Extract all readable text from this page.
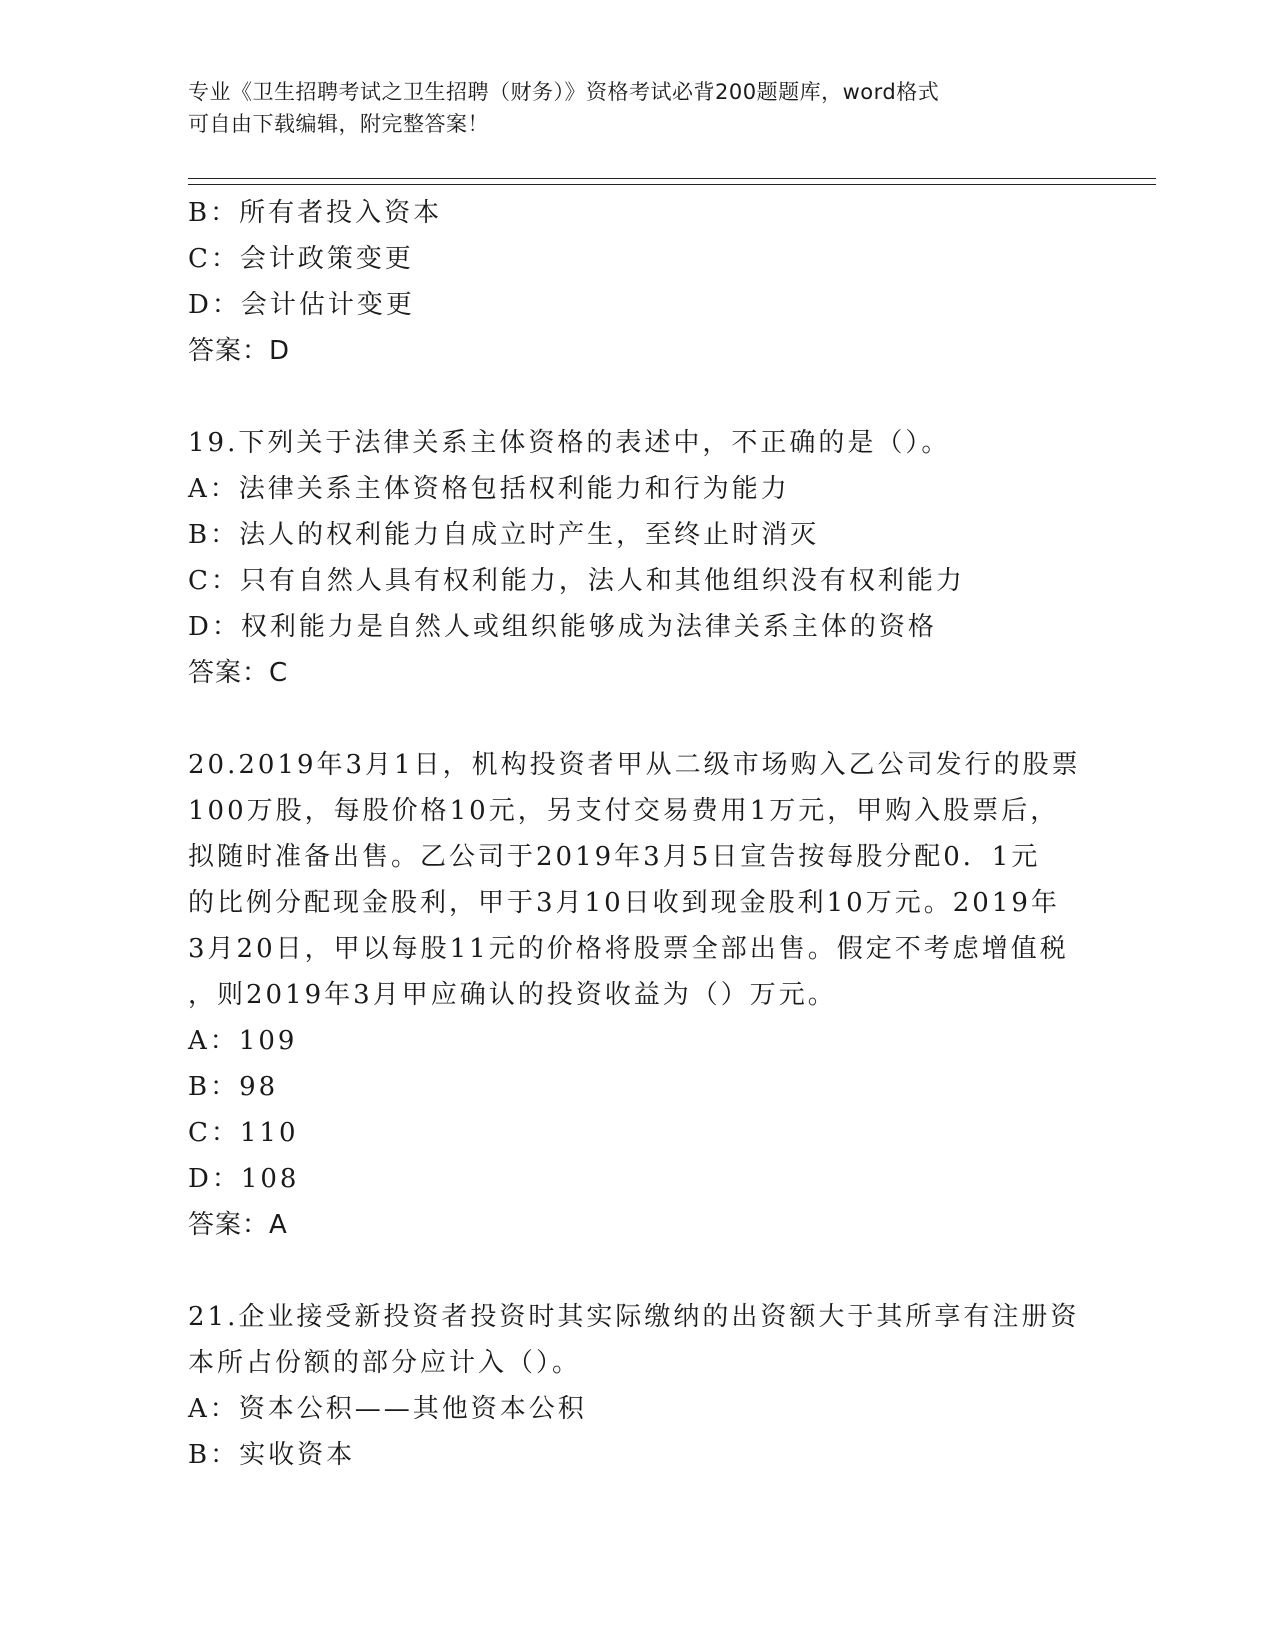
专业《卫生招聘考试之卫生招聘（财务）》资格考试必背200题题库，word格式
可自由下载编辑，附完整答案！
B：所有者投入资本
C：会计政策变更
D：会计估计变更
答案：D
19.下列关于法律关系主体资格的表述中，不正确的是（）。
A：法律关系主体资格包括权利能力和行为能力
B：法人的权利能力自成立时产生，至终止时消灭
C：只有自然人具有权利能力，法人和其他组织没有权利能力
D：权利能力是自然人或组织能够成为法律关系主体的资格
答案：C
20.2019年3月1日，机构投资者甲从二级市场购入乙公司发行的股票
100万股，每股价格10元，另支付交易费用1万元，甲购入股票后，
拟随时准备出售。乙公司于2019年3月5日宣告按每股分配0．1元
的比例分配现金股利，甲于3月10日收到现金股利10万元。2019年
3月20日，甲以每股11元的价格将股票全部出售。假定不考虑增值税
，则2019年3月甲应确认的投资收益为（）万元。
A：109
B：98
C：110
D：108
答案：A
21.企业接受新投资者投资时其实际缴纳的出资额大于其所享有注册资
本所占份额的部分应计入（）。
A：资本公积——其他资本公积
B：实收资本
